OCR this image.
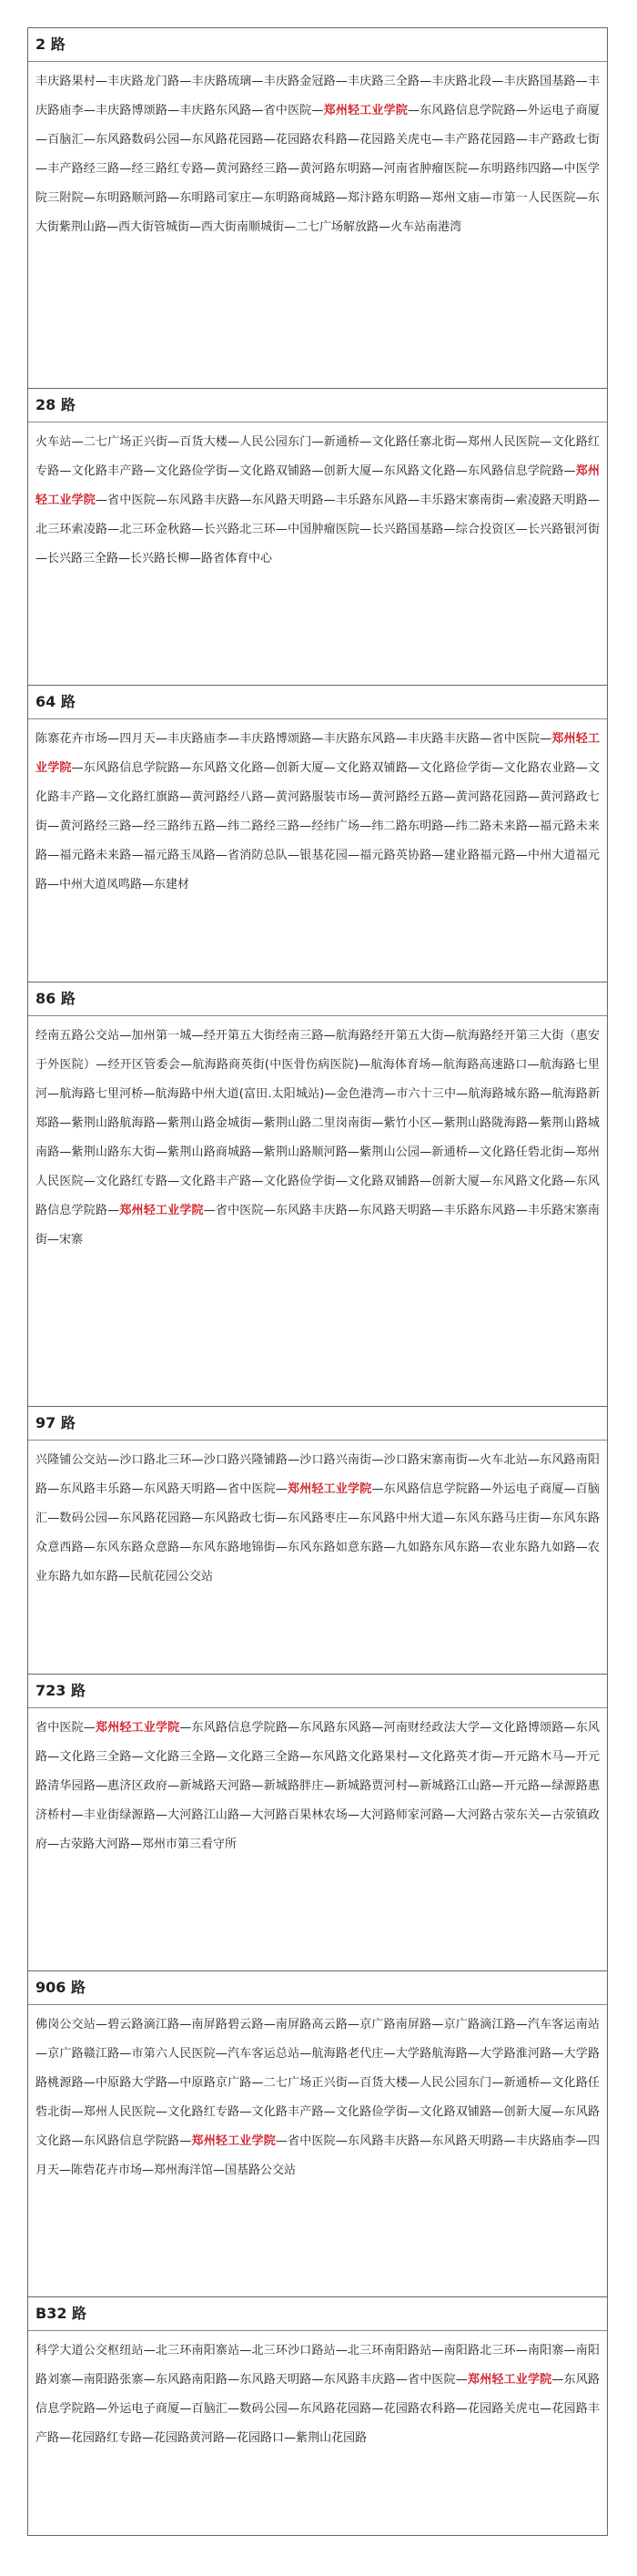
2 路
丰庆路果村—丰庆路龙门路—丰庆路琉璃—丰庆路金冠路—丰庆路三全路—丰庆路北段—丰庆路国基路—丰庆路庙李—丰庆路博颂路—丰庆路东风路—省中医院—郑州轻工业学院—东风路信息学院路—外运电子商厦—百脑汇—东风路数码公园—东风路花园路—花园路农科路—花园路关虎屯—丰产路花园路—丰产路政七街—丰产路经三路—经三路红专路—黄河路经三路—黄河路东明路—河南省肿瘤医院—东明路纬四路—中医学院三附院—东明路顺河路—东明路司家庄—东明路商城路—郑汴路东明路—郑州文庙—市第一人民医院—东大街紫荆山路—西大街管城街—西大街南顺城街—二七广场解放路—火车站南港湾
28 路
火车站—二七广场正兴街—百货大楼—人民公园东门—新通桥—文化路任寨北街—郑州人民医院—文化路红专路—文化路丰产路—文化路俭学街—文化路双铺路—创新大厦—东风路文化路—东风路信息学院路—郑州轻工业学院—省中医院—东风路丰庆路—东风路天明路—丰乐路东风路—丰乐路宋寨南街—索凌路天明路—北三环索凌路—北三环金秋路—长兴路北三环—中国肿瘤医院—长兴路国基路—综合投资区—长兴路银河街—长兴路三全路—长兴路长柳—路省体育中心
64 路
陈寨花卉市场—四月天—丰庆路庙李—丰庆路博颂路—丰庆路东风路—丰庆路丰庆路—省中医院—郑州轻工业学院—东风路信息学院路—东风路文化路—创新大厦—文化路双铺路—文化路俭学街—文化路农业路—文化路丰产路—文化路红旗路—黄河路经八路—黄河路服装市场—黄河路经五路—黄河路花园路—黄河路政七街—黄河路经三路—经三路纬五路—纬二路经三路—经纬广场—纬二路东明路—纬二路未来路—福元路未来路—福元路未来路—福元路玉凤路—省消防总队—银基花园—福元路英协路—建业路福元路—中州大道福元路—中州大道凤鸣路—东建材
86 路
经南五路公交站—加州第一城—经开第五大街经南三路—航海路经开第五大街—航海路经开第三大街（惠安于外医院）—经开区管委会—航海路商英街(中医骨伤病医院)—航海体育场—航海路高速路口—航海路七里河—航海路七里河桥—航海路中州大道(富田.太阳城站)—金色港湾—市六十三中—航海路城东路—航海路新郑路—紫荆山路航海路—紫荆山路金城街—紫荆山路二里岗南街—紫竹小区—紫荆山路陇海路—紫荆山路城南路—紫荆山路东大街—紫荆山路商城路—紫荆山路顺河路—紫荆山公园—新通桥—文化路任砦北街—郑州人民医院—文化路红专路—文化路丰产路—文化路俭学街—文化路双铺路—创新大厦—东风路文化路—东风路信息学院路—郑州轻工业学院—省中医院—东风路丰庆路—东风路天明路—丰乐路东风路—丰乐路宋寨南街—宋寨
97 路
兴隆铺公交站—沙口路北三环—沙口路兴隆铺路—沙口路兴南街—沙口路宋寨南街—火车北站—东风路南阳路—东风路丰乐路—东风路天明路—省中医院—郑州轻工业学院—东风路信息学院路—外运电子商厦—百脑汇—数码公园—东风路花园路—东风路政七街—东风路枣庄—东风路中州大道—东风东路马庄街—东风东路众意西路—东风东路众意路—东风东路地锦街—东风东路如意东路—九如路东风东路—农业东路九如路—农业东路九如东路—民航花园公交站
723 路
省中医院—郑州轻工业学院—东风路信息学院路—东风路东风路—河南财经政法大学—文化路博颂路—东风路—文化路三全路—文化路三全路—文化路三全路—东风路文化路果村—文化路英才街—开元路木马—开元路清华园路—惠济区政府—新城路天河路—新城路胖庄—新城路贾河村—新城路江山路—开元路—绿源路惠济桥村—丰业街绿源路—大河路江山路—大河路百果林农场—大河路师家河路—大河路古荥东关—古荥镇政府—古荥路大河路—郑州市第三看守所
906 路
佛岗公交站—碧云路滴江路—南屏路碧云路—南屏路高云路—京广路南屏路—京广路滴江路—汽车客运南站—京广路赣江路—市第六人民医院—汽车客运总站—航海路老代庄—大学路航海路—大学路淮河路—大学路路桃源路—中原路大学路—中原路京广路—二七广场正兴街—百货大楼—人民公园东门—新通桥—文化路任砦北街—郑州人民医院—文化路红专路—文化路丰产路—文化路俭学街—文化路双铺路—创新大厦—东风路文化路—东风路信息学院路—郑州轻工业学院—省中医院—东风路丰庆路—东风路天明路—丰庆路庙李—四月天—陈砦花卉市场—郑州海洋馆—国基路公交站
B32 路
科学大道公交枢纽站—北三环南阳寨站—北三环沙口路站—北三环南阳路站—南阳路北三环—南阳寨—南阳路刘寨—南阳路张寨—东风路南阳路—东风路天明路—东风路丰庆路—省中医院—郑州轻工业学院—东风路信息学院路—外运电子商厦—百脑汇—数码公园—东风路花园路—花园路农科路—花园路关虎屯—花园路丰产路—花园路红专路—花园路黄河路—花园路口—紫荆山花园路
